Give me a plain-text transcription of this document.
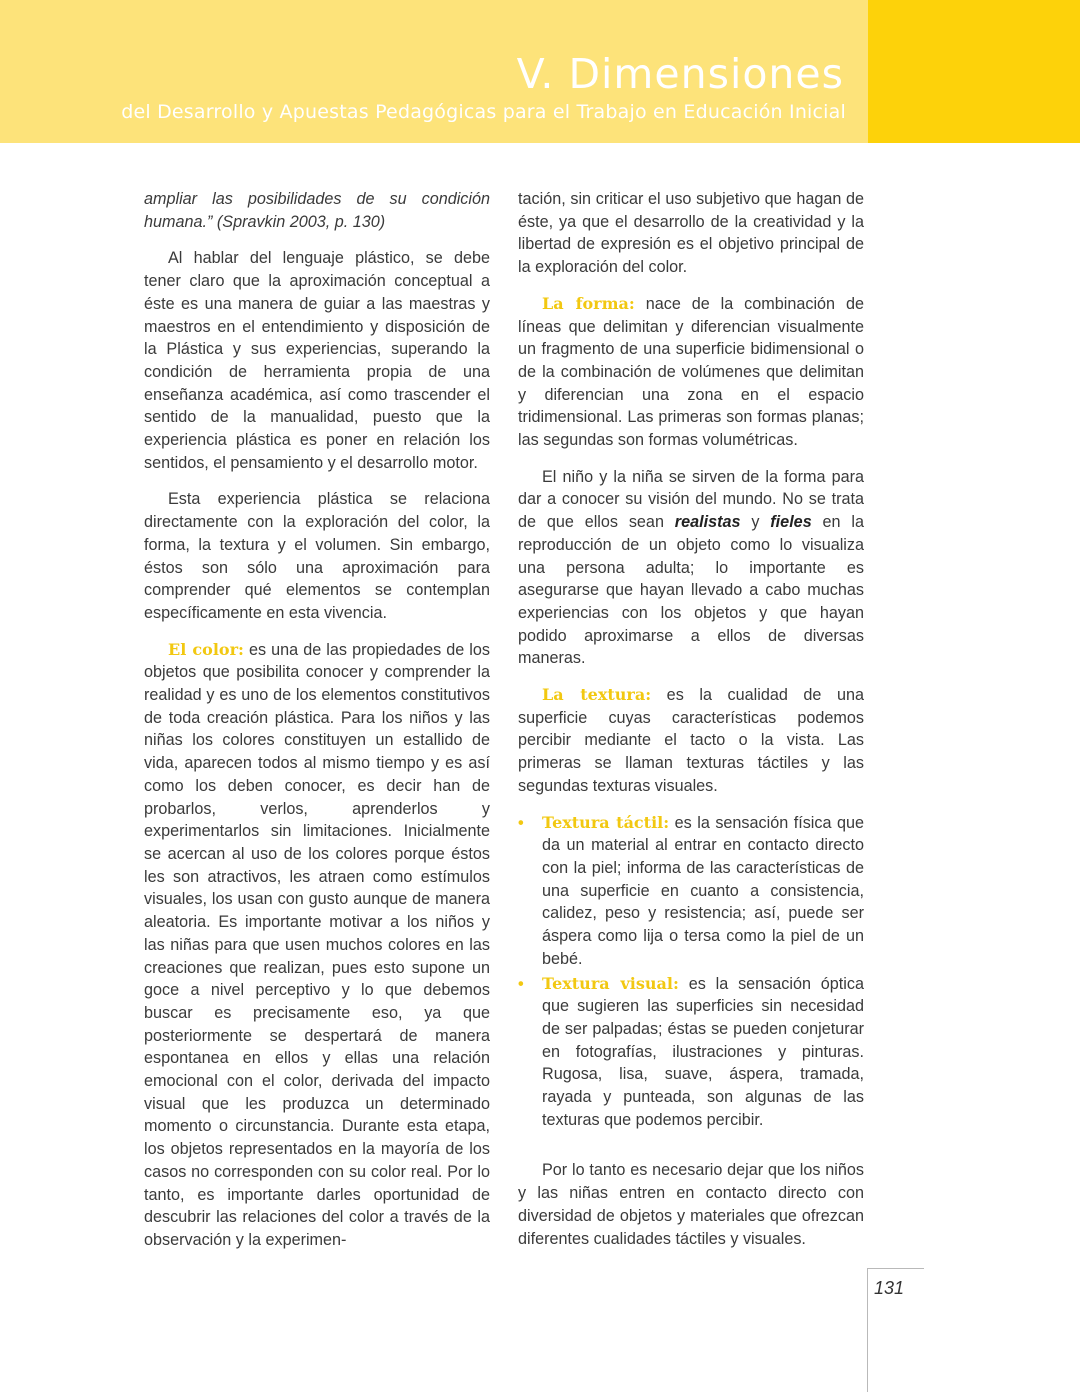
V. Dimensiones
del Desarrollo y Apuestas Pedagógicas para el Trabajo en Educación Inicial

ampliar las posibilidades de su condición humana.” (Spravkin 2003, p. 130)

Al hablar del lenguaje plástico, se debe tener claro que la aproximación conceptual a éste es una manera de guiar a las maestras y maestros en el entendimiento y disposición de la Plástica y sus experiencias, superando la condición de herramienta propia de una enseñanza académica, así como trascender el sentido de la manualidad, puesto que la experiencia plástica es poner en relación los sentidos, el pensamiento y el desarrollo motor.

Esta experiencia plástica se relaciona directamente con la exploración del color, la forma, la textura y el volumen. Sin embargo, éstos son sólo una aproximación para comprender qué elementos se contemplan específicamente en esta vivencia.

El color: es una de las propiedades de los objetos que posibilita conocer y comprender la realidad y es uno de los elementos constitutivos de toda creación plástica. Para los niños y las niñas los colores constituyen un estallido de vida, aparecen todos al mismo tiempo y es así como los deben conocer, es decir han de probarlos, verlos, aprenderlos y experimentarlos sin limitaciones. Inicialmente se acercan al uso de los colores porque éstos les son atractivos, les atraen como estímulos visuales, los usan con gusto aunque de manera aleatoria. Es importante motivar a los niños y las niñas para que usen muchos colores en las creaciones que realizan, pues esto supone un goce a nivel perceptivo y lo que debemos buscar es precisamente eso, ya que posteriormente se despertará de manera espontanea en ellos y ellas una relación emocional con el color, derivada del impacto visual que les produzca un determinado momento o circunstancia. Durante esta etapa, los objetos representados en la mayoría de los casos no corresponden con su color real. Por lo tanto, es importante darles oportunidad de descubrir las relaciones del color a través de la observación y la experimen-

tación, sin criticar el uso subjetivo que hagan de éste, ya que el desarrollo de la creatividad y la libertad de expresión es el objetivo principal de la exploración del color.

La forma: nace de la combinación de líneas que delimitan y diferencian visualmente un fragmento de una superficie bidimensional o de la combinación de volúmenes que delimitan y diferencian una zona en el espacio tridimensional. Las primeras son formas planas; las segundas son formas volumétricas.

El niño y la niña se sirven de la forma para dar a conocer su visión del mundo. No se trata de que ellos sean realistas y fieles en la reproducción de un objeto como lo visualiza una persona adulta; lo importante es asegurarse que hayan llevado a cabo muchas experiencias con los objetos y que hayan podido aproximarse a ellos de diversas maneras.

La textura: es la cualidad de una superficie cuyas características podemos percibir mediante el tacto o la vista. Las primeras se llaman texturas táctiles y las segundas texturas visuales.

• Textura táctil: es la sensación física que da un material al entrar en contacto directo con la piel; informa de las características de una superficie en cuanto a consistencia, calidez, peso y resistencia; así, puede ser áspera como lija o tersa como la piel de un bebé.
• Textura visual: es la sensación óptica que sugieren las superficies sin necesidad de ser palpadas; éstas se pueden conjeturar en fotografías, ilustraciones y pinturas. Rugosa, lisa, suave, áspera, tramada, rayada y punteada, son algunas de las texturas que podemos percibir.

Por lo tanto es necesario dejar que los niños y las niñas entren en contacto directo con diversidad de objetos y materiales que ofrezcan diferentes cualidades táctiles y visuales.

131
